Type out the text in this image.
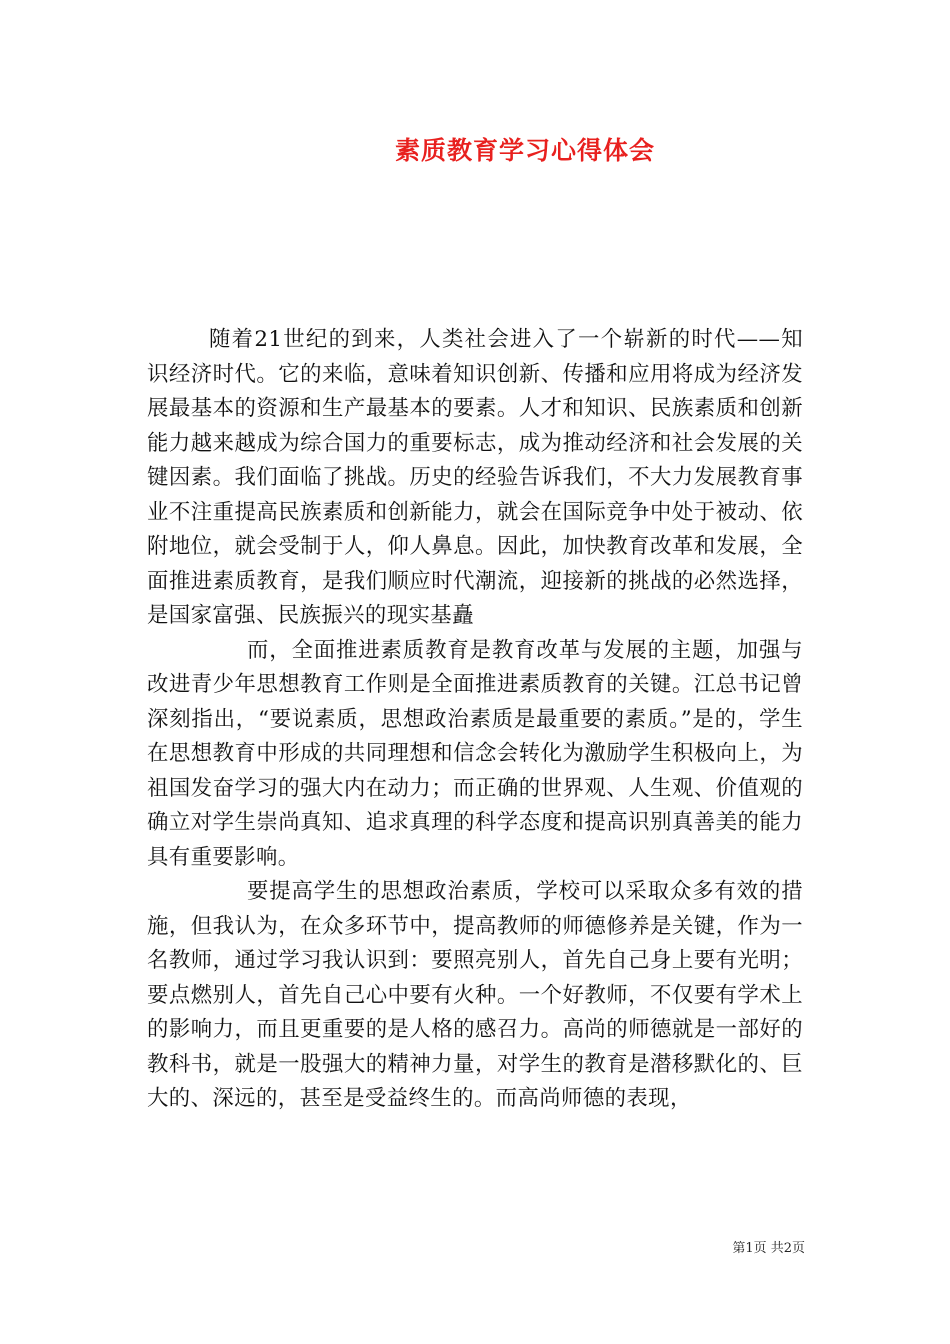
素质教育学习心得体会

随着21世纪的到来，人类社会进入了一个崭新的时代——知识经济时代。它的来临，意味着知识创新、传播和应用将成为经济发展最基本的资源和生产最基本的要素。人才和知识、民族素质和创新能力越来越成为综合国力的重要标志，成为推动经济和社会发展的关键因素。我们面临了挑战。历史的经验告诉我们，不大力发展教育事业不注重提高民族素质和创新能力，就会在国际竞争中处于被动、依附地位，就会受制于人，仰人鼻息。因此，加快教育改革和发展，全面推进素质教育，是我们顺应时代潮流，迎接新的挑战的必然选择，是国家富强、民族振兴的现实基矗

而，全面推进素质教育是教育改革与发展的主题，加强与改进青少年思想教育工作则是全面推进素质教育的关键。江总书记曾深刻指出，“要说素质，思想政治素质是最重要的素质。”是的，学生在思想教育中形成的共同理想和信念会转化为激励学生积极向上，为祖国发奋学习的强大内在动力；而正确的世界观、人生观、价值观的确立对学生崇尚真知、追求真理的科学态度和提高识别真善美的能力具有重要影响。

要提高学生的思想政治素质，学校可以采取众多有效的措施，但我认为，在众多环节中，提高教师的师德修养是关键，作为一名教师，通过学习我认识到：要照亮别人，首先自己身上要有光明；要点燃别人，首先自己心中要有火种。一个好教师，不仅要有学术上的影响力，而且更重要的是人格的感召力。高尚的师德就是一部好的教科书，就是一股强大的精神力量，对学生的教育是潜移默化的、巨大的、深远的，甚至是受益终生的。而高尚师德的表现，

第1页 共2页
